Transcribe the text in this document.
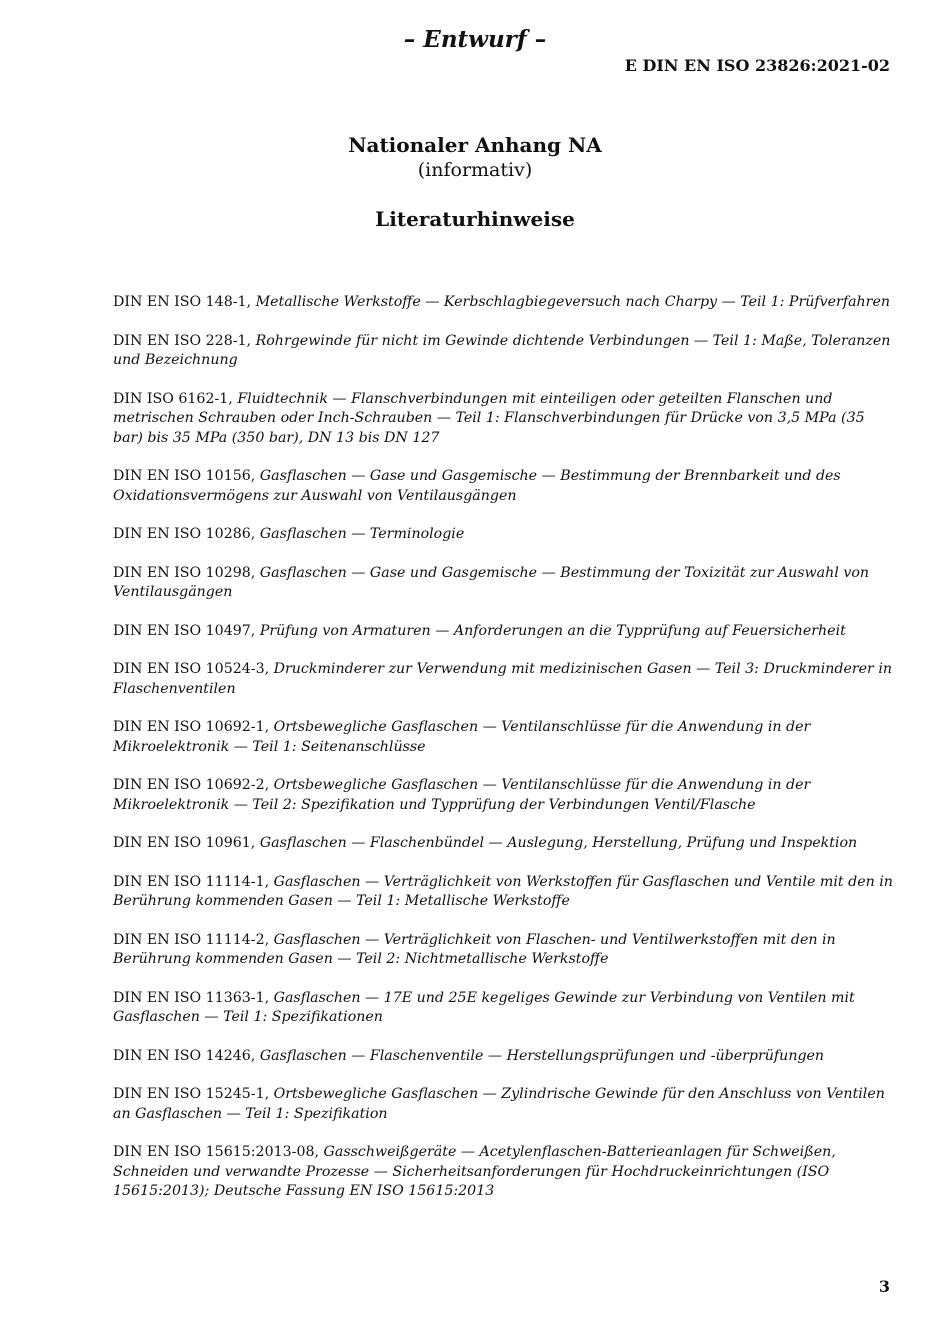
– Entwurf –
E DIN EN ISO 23826:2021-02
Nationaler Anhang NA
(informativ)
Literaturhinweise

DIN EN ISO 148-1, Metallische Werkstoffe — Kerbschlagbiegeversuch nach Charpy — Teil 1: Prüfverfahren

DIN EN ISO 228-1, Rohrgewinde für nicht im Gewinde dichtende Verbindungen — Teil 1: Maße, Toleranzen und Bezeichnung

DIN ISO 6162-1, Fluidtechnik — Flanschverbindungen mit einteiligen oder geteilten Flanschen und metrischen Schrauben oder Inch-Schrauben — Teil 1: Flanschverbindungen für Drücke von 3,5 MPa (35 bar) bis 35 MPa (350 bar), DN 13 bis DN 127

DIN EN ISO 10156, Gasflaschen — Gase und Gasgemische — Bestimmung der Brennbarkeit und des Oxidationsvermögens zur Auswahl von Ventilausgängen

DIN EN ISO 10286, Gasflaschen — Terminologie

DIN EN ISO 10298, Gasflaschen — Gase und Gasgemische — Bestimmung der Toxizität zur Auswahl von Ventilausgängen

DIN EN ISO 10497, Prüfung von Armaturen — Anforderungen an die Typprüfung auf Feuersicherheit

DIN EN ISO 10524-3, Druckminderer zur Verwendung mit medizinischen Gasen — Teil 3: Druckminderer in Flaschenventilen

DIN EN ISO 10692-1, Ortsbewegliche Gasflaschen — Ventilanschlüsse für die Anwendung in der Mikroelektronik — Teil 1: Seitenanschlüsse

DIN EN ISO 10692-2, Ortsbewegliche Gasflaschen — Ventilanschlüsse für die Anwendung in der Mikroelektronik — Teil 2: Spezifikation und Typprüfung der Verbindungen Ventil/Flasche

DIN EN ISO 10961, Gasflaschen — Flaschenbündel — Auslegung, Herstellung, Prüfung und Inspektion

DIN EN ISO 11114-1, Gasflaschen — Verträglichkeit von Werkstoffen für Gasflaschen und Ventile mit den in Berührung kommenden Gasen — Teil 1: Metallische Werkstoffe

DIN EN ISO 11114-2, Gasflaschen — Verträglichkeit von Flaschen- und Ventilwerkstoffen mit den in Berührung kommenden Gasen — Teil 2: Nichtmetallische Werkstoffe

DIN EN ISO 11363-1, Gasflaschen — 17E und 25E kegeliges Gewinde zur Verbindung von Ventilen mit Gasflaschen — Teil 1: Spezifikationen

DIN EN ISO 14246, Gasflaschen — Flaschenventile — Herstellungsprüfungen und -überprüfungen

DIN EN ISO 15245-1, Ortsbewegliche Gasflaschen — Zylindrische Gewinde für den Anschluss von Ventilen an Gasflaschen — Teil 1: Spezifikation

DIN EN ISO 15615:2013-08, Gasschweißgeräte — Acetylenflaschen-Batterieanlagen für Schweißen, Schneiden und verwandte Prozesse — Sicherheitsanforderungen für Hochdruckeinrichtungen (ISO 15615:2013); Deutsche Fassung EN ISO 15615:2013

3
